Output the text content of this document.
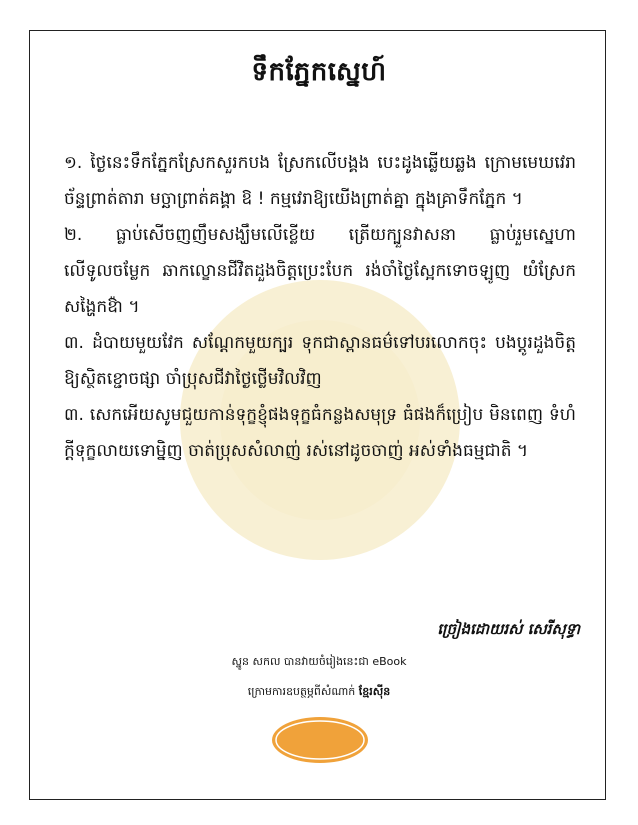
ទឹកភ្នែកស្នេហ៍

១. ថ្ងៃនេះទឹកភ្នែកស្រែកសួរកបង ស្រែកលើបង្គង បេះដូងឆ្លើយឆ្លង ក្រោមមេឃវេរា ច័ន្ទព្រាត់តារា មច្ឆាព្រាត់គង្គា ឱ ! កម្មវេរាឱ្យយើងព្រាត់គ្នា ក្នុងគ្រាទឹកភ្នែក ។

២. ធ្លាប់សើចញញឹមសង្ឃឹមលើខ្លើយ ត្រើយក្បួនវាសនា ធ្លាប់រួមស្នេហា លើទូលចម្លែក ឆាកល្ខោនជីវិតដួងចិត្តប្រេះបែក រង់ចាំថ្ងៃស្អែកទោចឡូញ យំស្រែក សង្ហៃកឱ៉ា ។

៣. ដំបាយមួយវែក សណ្ដែកមួយក្បរ ទុកជាស្ពានធម៌ទៅបរលោកចុះ បងប្ដូរដួងចិត្ត ឱ្យស្ថិតខ្ជោចផ្សា ចាំប្រុសជីវាថ្ងៃថ្លើមវិលវិញ

៣. សេកអើយសូមជួយកាន់ទុក្ខខ្ញុំផងទុក្ខធំកន្លងសមុទ្រ ធំផងក៏ប្រៀប មិនពេញ ទំហំក្ដីទុក្ខលាយទោម្និញ ចាត់ប្រុសសំលាញ់ រស់នៅដូចចាញ់ អស់ទាំងធម្មជាតិ ។

ច្រៀងដោយរស់ សេរីសុទ្ធា
ស្នូន សកល បានវាយចំរៀងនេះជា eBook
ក្រោមការឧបត្ថម្ភពីសំណាក់ ខ្មែរស៊ីន
